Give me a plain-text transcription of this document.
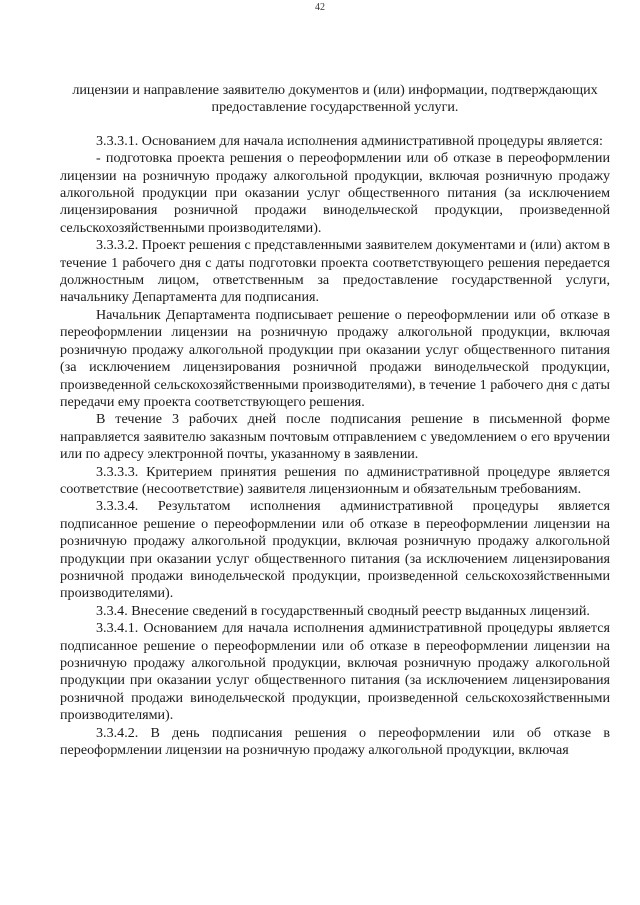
42
лицензии и направление заявителю документов и (или) информации, подтверждающих предоставление государственной услуги.

3.3.3.1. Основанием для начала исполнения административной процедуры является:

- подготовка проекта решения о переоформлении или об отказе в переоформлении лицензии на розничную продажу алкогольной продукции, включая розничную продажу алкогольной продукции при оказании услуг общественного питания (за исключением лицензирования розничной продажи винодельческой продукции, произведенной сельскохозяйственными производителями).

3.3.3.2. Проект решения с представленными заявителем документами и (или) актом в течение 1 рабочего дня с даты подготовки проекта соответствующего решения передается должностным лицом, ответственным за предоставление государственной услуги, начальнику Департамента для подписания.

Начальник Департамента подписывает решение о переоформлении или об отказе в переоформлении лицензии на розничную продажу алкогольной продукции, включая розничную продажу алкогольной продукции при оказании услуг общественного питания (за исключением лицензирования розничной продажи винодельческой продукции, произведенной сельскохозяйственными производителями), в течение 1 рабочего дня с даты передачи ему проекта соответствующего решения.

В течение 3 рабочих дней после подписания решение в письменной форме направляется заявителю заказным почтовым отправлением с уведомлением о его вручении или по адресу электронной почты, указанному в заявлении.

3.3.3.3. Критерием принятия решения по административной процедуре является соответствие (несоответствие) заявителя лицензионным и обязательным требованиям.

3.3.3.4. Результатом исполнения административной процедуры является подписанное решение о переоформлении или об отказе в переоформлении лицензии на розничную продажу алкогольной продукции, включая розничную продажу алкогольной продукции при оказании услуг общественного питания (за исключением лицензирования розничной продажи винодельческой продукции, произведенной сельскохозяйственными производителями).

3.3.4. Внесение сведений в государственный сводный реестр выданных лицензий.

3.3.4.1. Основанием для начала исполнения административной процедуры является подписанное решение о переоформлении или об отказе в переоформлении лицензии на розничную продажу алкогольной продукции, включая розничную продажу алкогольной продукции при оказании услуг общественного питания (за исключением лицензирования розничной продажи винодельческой продукции, произведенной сельскохозяйственными производителями).

3.3.4.2. В день подписания решения о переоформлении или об отказе в переоформлении лицензии на розничную продажу алкогольной продукции, включая
